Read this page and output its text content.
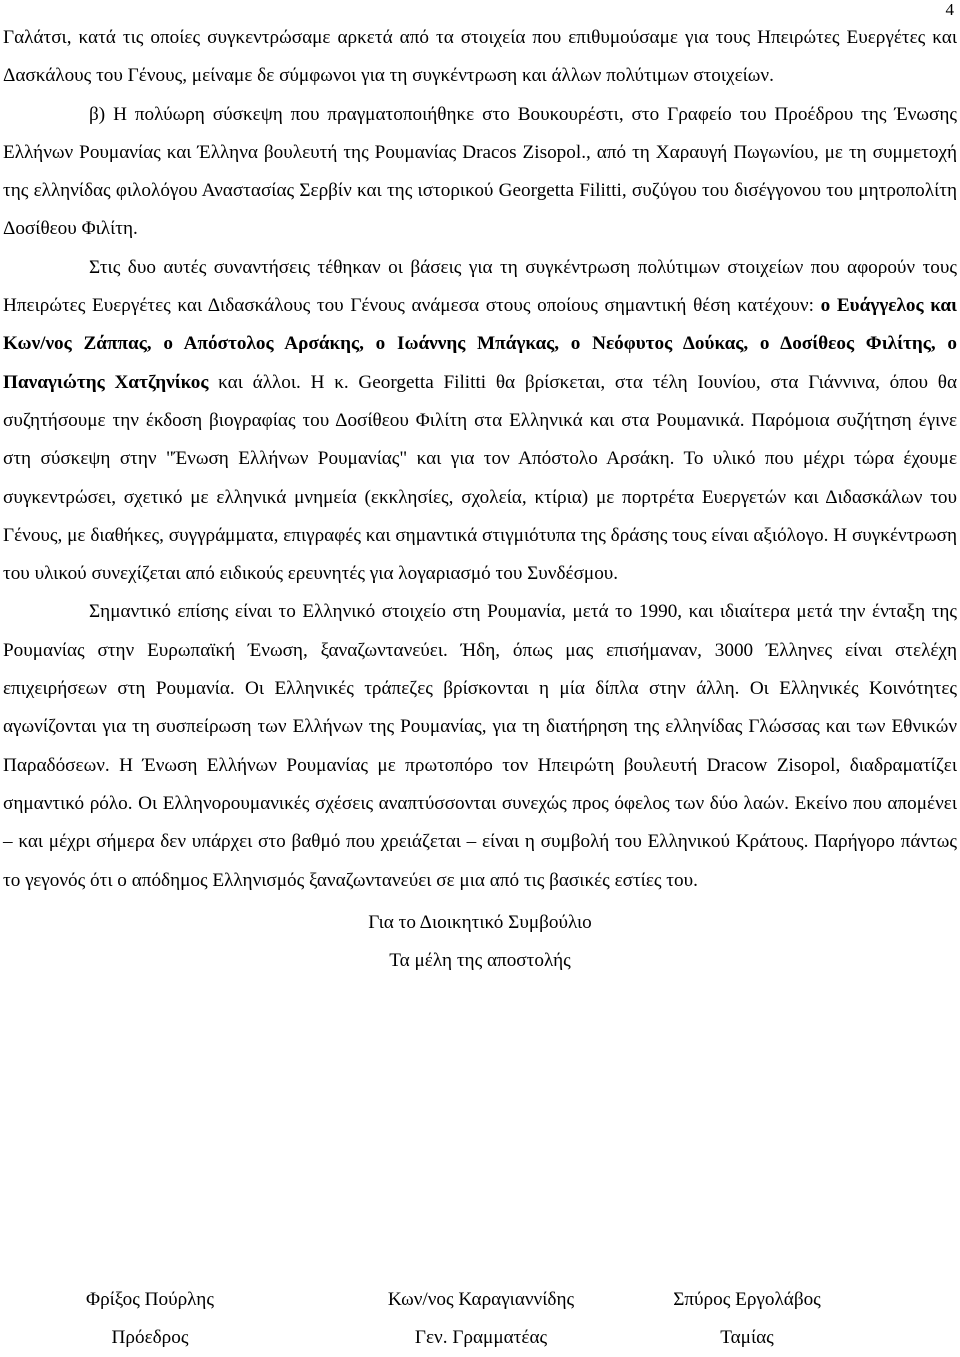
4

Γαλάτσι, κατά τις οποίες συγκεντρώσαμε αρκετά από τα στοιχεία που επιθυμούσαμε για τους Ηπειρώτες Ευεργέτες και Δασκάλους του Γένους, μείναμε δε σύμφωνοι για τη συγκέντρωση και άλλων πολύτιμων στοιχείων.

β) Η πολύωρη σύσκεψη που πραγματοποιήθηκε στο Βουκουρέστι, στο Γραφείο του Προέδρου της Ένωσης Ελλήνων Ρουμανίας και Έλληνα βουλευτή της Ρουμανίας Dracos Zisopol., από τη Χαραυγή Πωγωνίου, με τη συμμετοχή της ελληνίδας φιλολόγου Αναστασίας Σερβίν και της ιστορικού Georgetta Filitti, συζύγου του δισέγγονου του μητροπολίτη Δοσίθεου Φιλίτη.

Στις δυο αυτές συναντήσεις τέθηκαν οι βάσεις για τη συγκέντρωση πολύτιμων στοιχείων που αφορούν τους Ηπειρώτες Ευεργέτες και Διδασκάλους του Γένους ανάμεσα στους οποίους σημαντική θέση κατέχουν: ο Ευάγγελος και Κων/νος Ζάππας, ο Απόστολος Αρσάκης, ο Ιωάννης Μπάγκας, ο Νεόφυτος Δούκας, ο Δοσίθεος Φιλίτης, ο Παναγιώτης Χατζηνίκος και άλλοι. Η κ. Georgetta Filitti θα βρίσκεται, στα τέλη Ιουνίου, στα Γιάννινα, όπου θα συζητήσουμε την έκδοση βιογραφίας του Δοσίθεου Φιλίτη στα Ελληνικά και στα Ρουμανικά. Παρόμοια συζήτηση έγινε στη σύσκεψη στην "Ένωση Ελλήνων Ρουμανίας" και για τον Απόστολο Αρσάκη. Το υλικό που μέχρι τώρα έχουμε συγκεντρώσει, σχετικό με ελληνικά μνημεία (εκκλησίες, σχολεία, κτίρια) με πορτρέτα Ευεργετών και Διδασκάλων του Γένους, με διαθήκες, συγγράμματα, επιγραφές και σημαντικά στιγμιότυπα της δράσης τους είναι αξιόλογο. Η συγκέντρωση του υλικού συνεχίζεται από ειδικούς ερευνητές για λογαριασμό του Συνδέσμου.

Σημαντικό επίσης είναι το Ελληνικό στοιχείο στη Ρουμανία, μετά το 1990, και ιδιαίτερα μετά την ένταξη της Ρουμανίας στην Ευρωπαϊκή Ένωση, ξαναζωντανεύει. Ήδη, όπως μας επισήμαναν, 3000 Έλληνες είναι στελέχη επιχειρήσεων στη Ρουμανία. Οι Ελληνικές τράπεζες βρίσκονται η μία δίπλα στην άλλη. Οι Ελληνικές Κοινότητες αγωνίζονται για τη συσπείρωση των Ελλήνων της Ρουμανίας, για τη διατήρηση της ελληνίδας Γλώσσας και των Εθνικών Παραδόσεων. Η Ένωση Ελλήνων Ρουμανίας με πρωτοπόρο τον Ηπειρώτη βουλευτή Dracow Zisopol, διαδραματίζει σημαντικό ρόλο. Οι Ελληνορουμανικές σχέσεις αναπτύσσονται συνεχώς προς όφελος των δύο λαών. Εκείνο που απομένει – και μέχρι σήμερα δεν υπάρχει στο βαθμό που χρειάζεται – είναι η συμβολή του Ελληνικού Κράτους. Παρήγορο πάντως το γεγονός ότι ο απόδημος Ελληνισμός ξαναζωντανεύει σε μια από τις βασικές εστίες του.

Για το Διοικητικό Συμβούλιο
Τα μέλη της αποστολής
Φρίξος Πούρλης
Πρόεδρος
Κων/νος Καραγιαννίδης
Γεν. Γραμματέας
Σπύρος Εργολάβος
Ταμίας
